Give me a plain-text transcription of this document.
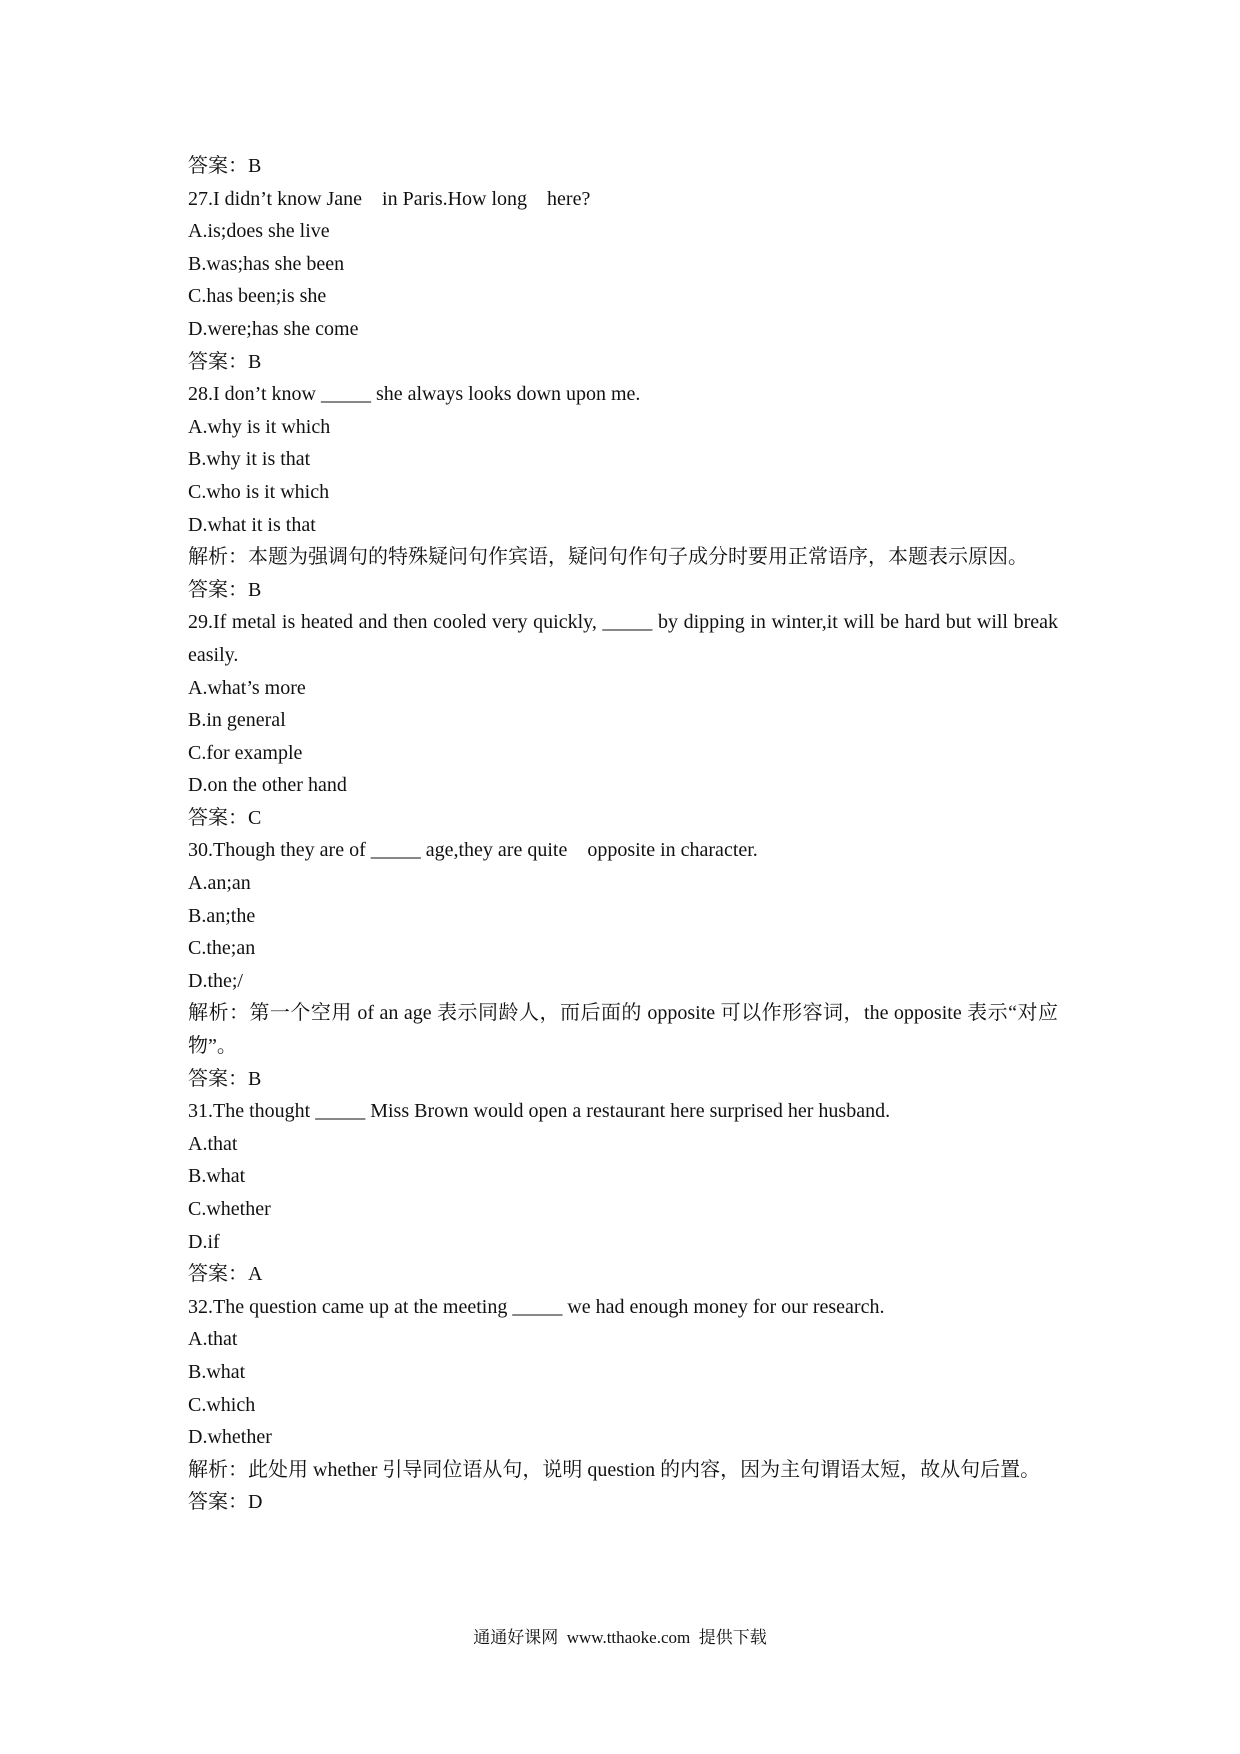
答案：B
27.I didn’t know Jane    in Paris.How long    here?
A.is;does she live
B.was;has she been
C.has been;is she
D.were;has she come
答案：B
28.I don’t know _____ she always looks down upon me.
A.why is it which
B.why it is that
C.who is it which
D.what it is that
解析：本题为强调句的特殊疑问句作宾语，疑问句作句子成分时要用正常语序，本题表示原因。
答案：B
29.If metal is heated and then cooled very quickly, _____ by dipping in winter,it will be hard but will break easily.
A.what’s more
B.in general
C.for example
D.on the other hand
答案：C
30.Though they are of _____ age,they are quite    opposite in character.
A.an;an
B.an;the
C.the;an
D.the;/
解析：第一个空用 of an age 表示同龄人，而后面的 opposite 可以作形容词，the opposite 表示“对应物”。
答案：B
31.The thought _____ Miss Brown would open a restaurant here surprised her husband.
A.that
B.what
C.whether
D.if
答案：A
32.The question came up at the meeting _____ we had enough money for our research.
A.that
B.what
C.which
D.whether
解析：此处用 whether 引导同位语从句，说明 question 的内容，因为主句谓语太短，故从句后置。
答案：D
通通好课网  www.tthaoke.com  提供下载
